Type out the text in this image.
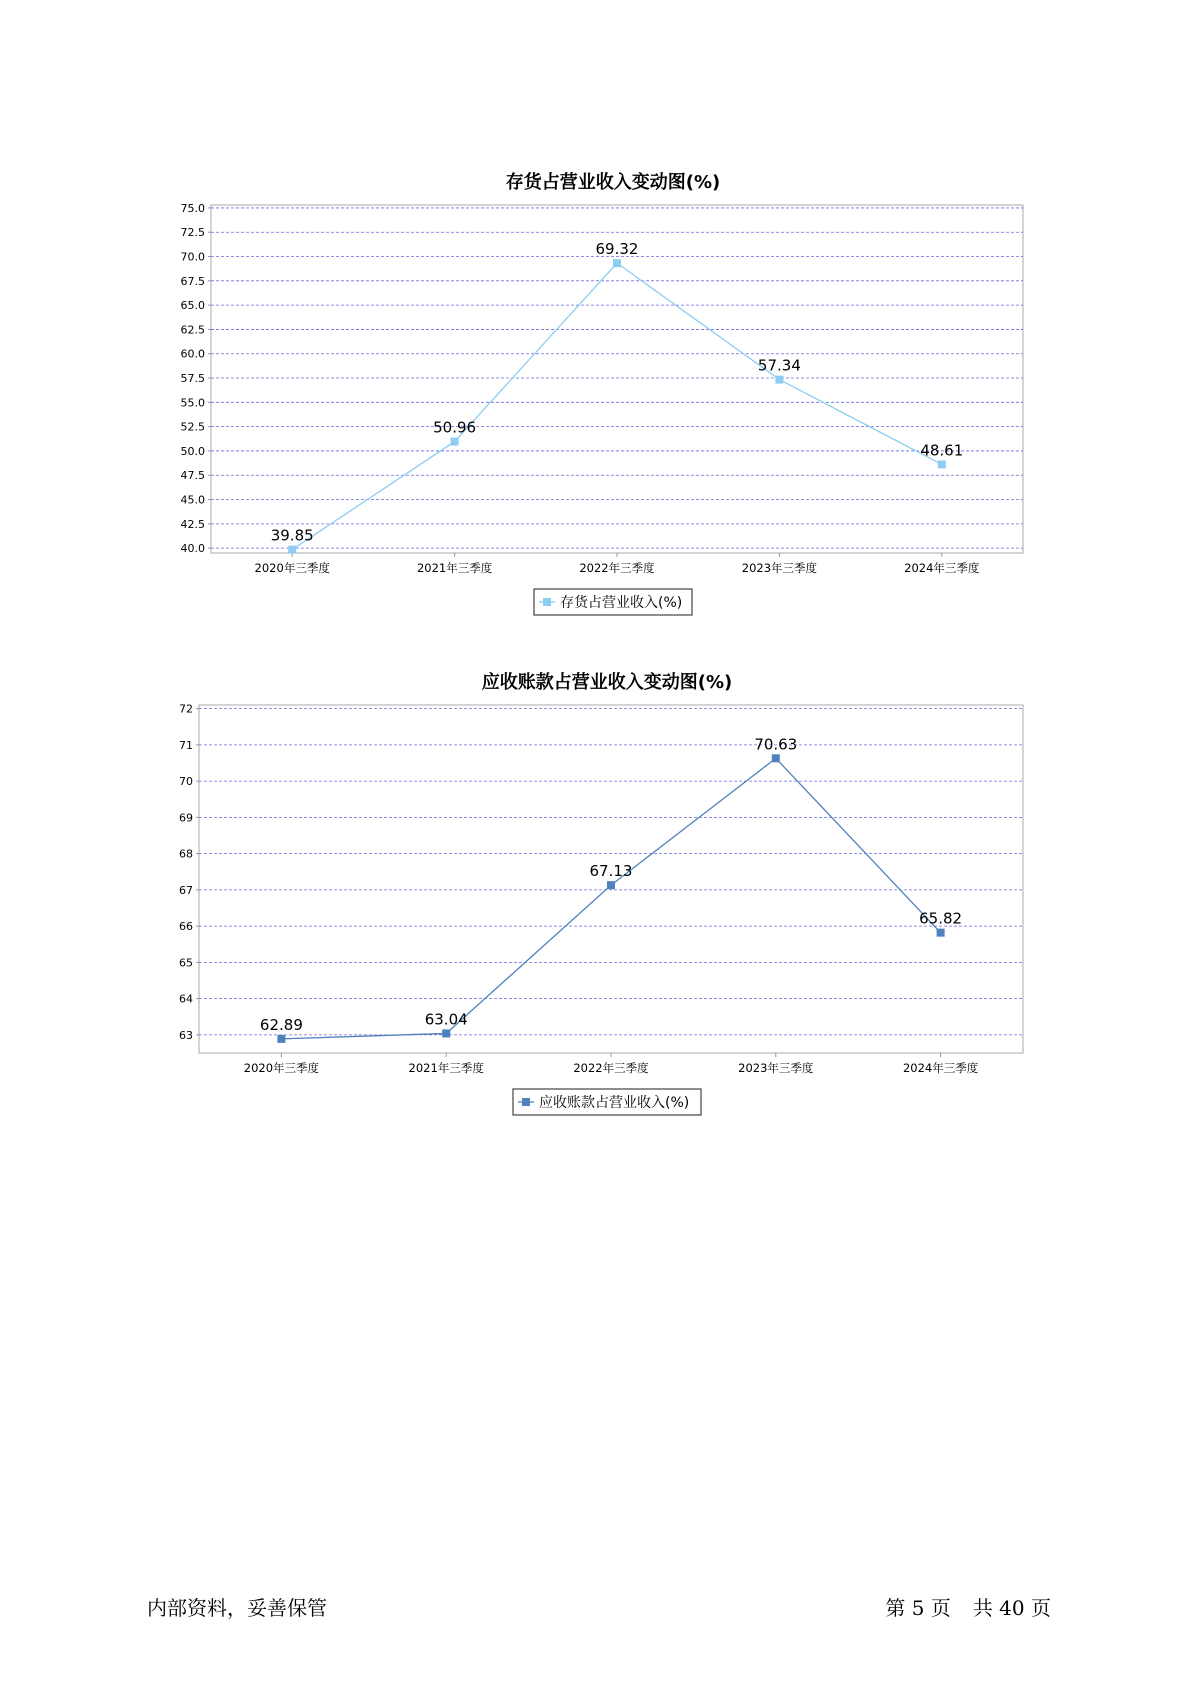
存货占营业收入变动图(%)
40.0
42.5
45.0
47.5
50.0
52.5
55.0
57.5
60.0
62.5
65.0
67.5
70.0
72.5
75.0
2020年三季度	2021年三季度	2022年三季度	2023年三季度	2024年三季度
39.85
50.96
69.32
57.34
48.61
存货占营业收入(%)
应收账款占营业收入变动图(%)
63
64
65
66
67
68
69
70
71
72
2020年三季度	2021年三季度	2022年三季度	2023年三季度	2024年三季度
62.89	63.04
67.13
70.63
65.82
应收账款占营业收入(%)
内部资料，妥善保管	第 5 页 共 40 页
